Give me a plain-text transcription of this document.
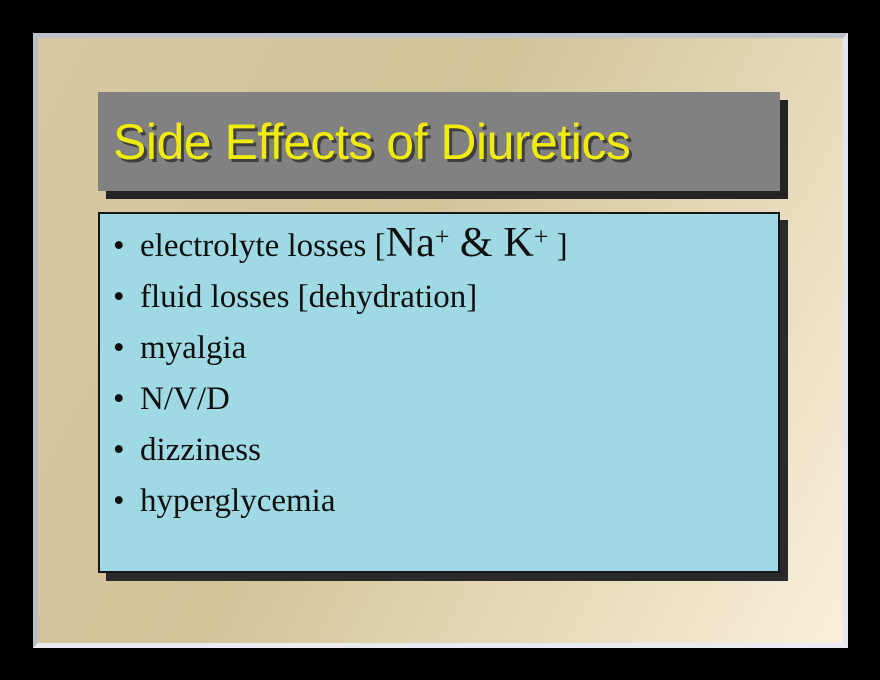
Side Effects of Diuretics
• electrolyte losses [Na+ & K+ ]
• fluid losses [dehydration]
• myalgia
• N/V/D
• dizziness
• hyperglycemia
